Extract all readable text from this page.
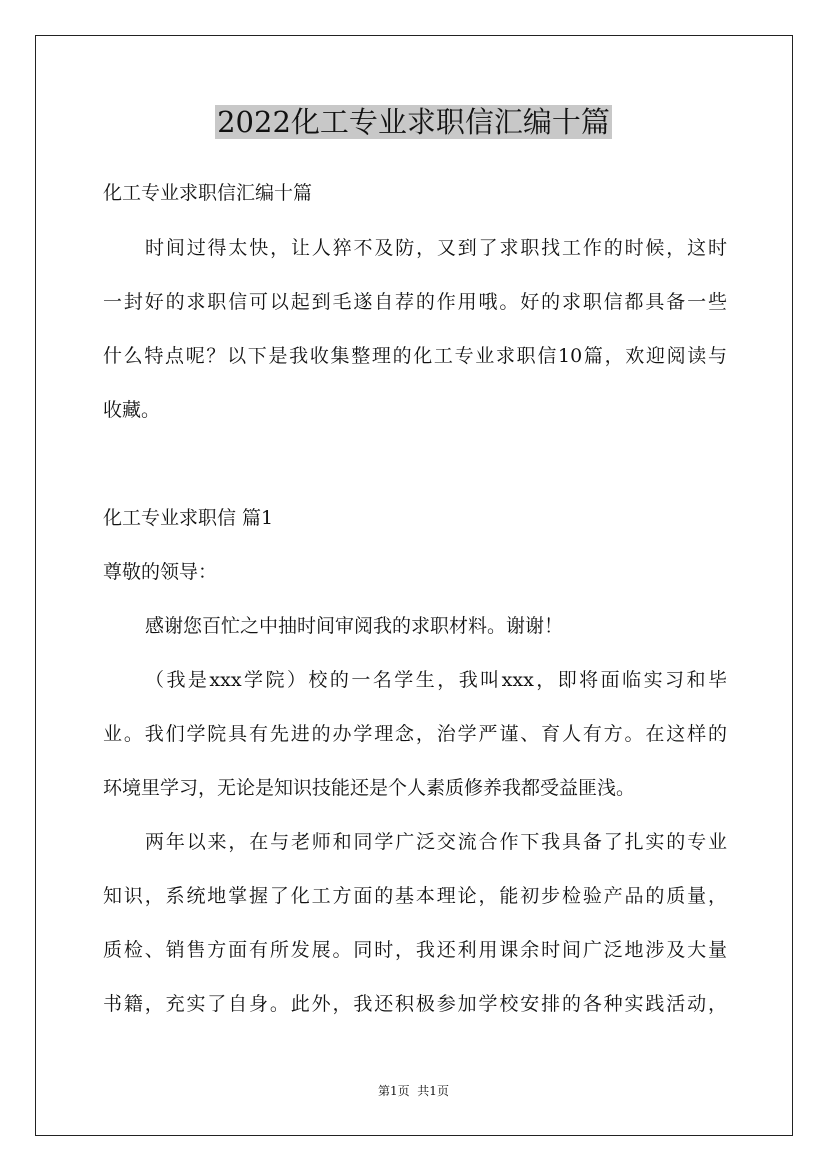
2022化工专业求职信汇编十篇
化工专业求职信汇编十篇
时间过得太快，让人猝不及防，又到了求职找工作的时候，这时
一封好的求职信可以起到毛遂自荐的作用哦。好的求职信都具备一些
什么特点呢？以下是我收集整理的化工专业求职信10篇，欢迎阅读与
收藏。
化工专业求职信 篇1
尊敬的领导：
感谢您百忙之中抽时间审阅我的求职材料。谢谢！
（我是xxx学院）校的一名学生，我叫xxx，即将面临实习和毕
业。我们学院具有先进的办学理念，治学严谨、育人有方。在这样的
环境里学习，无论是知识技能还是个人素质修养我都受益匪浅。
两年以来，在与老师和同学广泛交流合作下我具备了扎实的专业
知识，系统地掌握了化工方面的基本理论，能初步检验产品的质量，
质检、销售方面有所发展。同时，我还利用课余时间广泛地涉及大量
书籍，充实了自身。此外，我还积极参加学校安排的各种实践活动，
第1页  共1页
